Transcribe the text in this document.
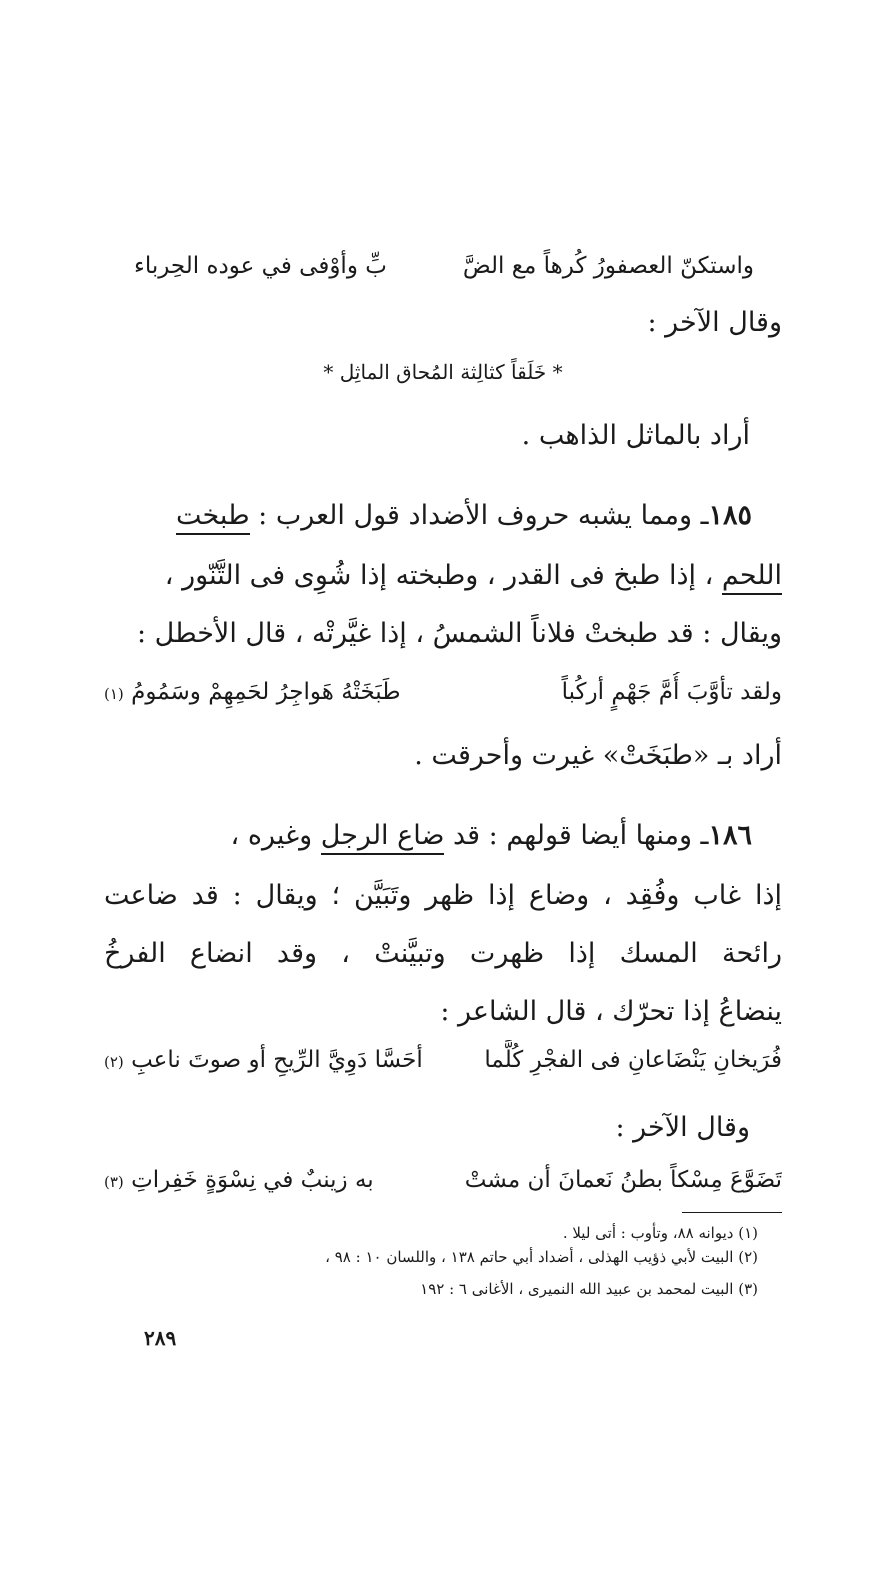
واستكنّ العصفورُ كُرهاً مع الضَّ
بِّ وأوْفى في عوده الحِرباء
وقال الآخر :
* خَلَقاً كثالِثة المُحاق الماثِل *
أراد بالماثل الذاهب .
١٨٥ـ ومما يشبه حروف الأضداد قول العرب : طبخت
اللحم ، إذا طبخ فى القدر ، وطبخته إذا شُوِى فى التَّنّور ،
ويقال : قد طبختْ فلاناً الشمسُ ، إذا غيَّرتْه ، قال الأخطل :
ولقد تأوَّبَ أُمَّ جَهْمٍ أركُباً
طَبَخَتْهُ هَواجِرُ لحَمِهِمْ وسَمُومُ (١)
أراد بـ «طبَخَتْ» غيرت وأحرقت .
١٨٦ـ ومنها أيضا قولهم : قد ضاع الرجل وغيره ،
إذا غاب وفُقِد ، وضاع إذا ظهر وتَبَيَّن ؛ ويقال : قد ضاعت
رائحة المسك إذا ظهرت وتبيَّنتْ ، وقد انضاع الفرخُ
ينضاعُ إذا تحرّك ، قال الشاعر :
فُرَيخانِ يَنْضَاعانِ فى الفجْرِ كُلَّما
أحَسَّا دَوِيَّ الرِّيحِ أو صوتَ ناعبِ (٢)
وقال الآخر :
تَضَوَّعَ مِسْكاً بطنُ نَعمانَ أن مشتْ
به زينبٌ في نِسْوَةٍ خَفِراتِ (٣)
(١) ديوانه ٨٨، وتأوب : أتى ليلا .
(٢) البيت لأبي ذؤيب الهذلى ، أضداد أبي حاتم ١٣٨ ، واللسان ١٠ : ٩٨ ،
(٣) البيت لمحمد بن عبيد الله النميرى ، الأغانى ٦ : ١٩٢
٢٨٩
